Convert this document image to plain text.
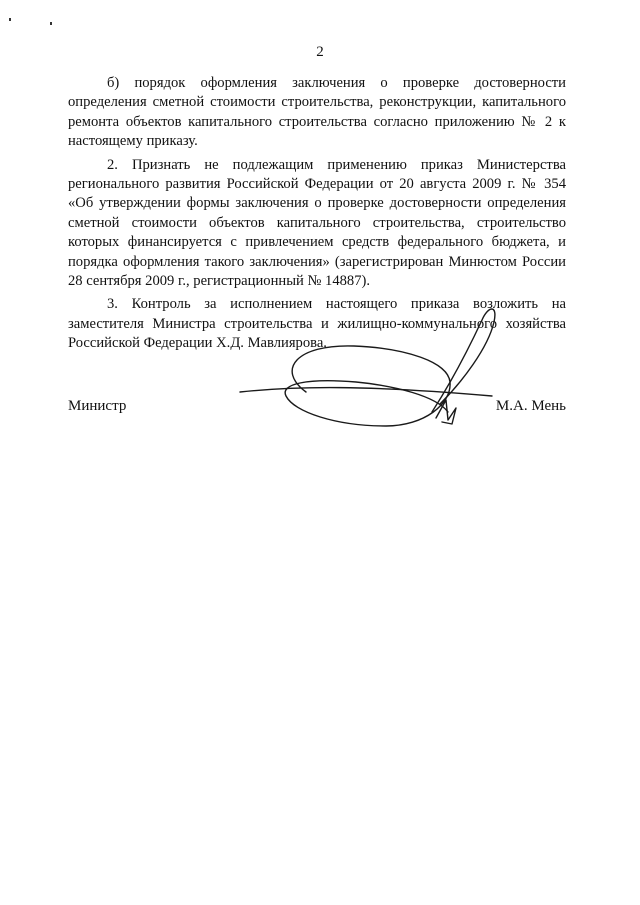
2

б) порядок оформления заключения о проверке достоверности определения сметной стоимости строительства, реконструкции, капитального ремонта объектов капитального строительства согласно приложению № 2 к настоящему приказу.

2. Признать не подлежащим применению приказ Министерства регионального развития Российской Федерации от 20 августа 2009 г. № 354 «Об утверждении формы заключения о проверке достоверности определения сметной стоимости объектов капитального строительства, строительство которых финансируется с привлечением средств федерального бюджета, и порядка оформления такого заключения» (зарегистрирован Минюстом России 28 сентября 2009 г., регистрационный № 14887).

3. Контроль за исполнением настоящего приказа возложить на заместителя Министра строительства и жилищно-коммунального хозяйства Российской Федерации Х.Д. Мавлиярова.

Министр	М.А. Мень
